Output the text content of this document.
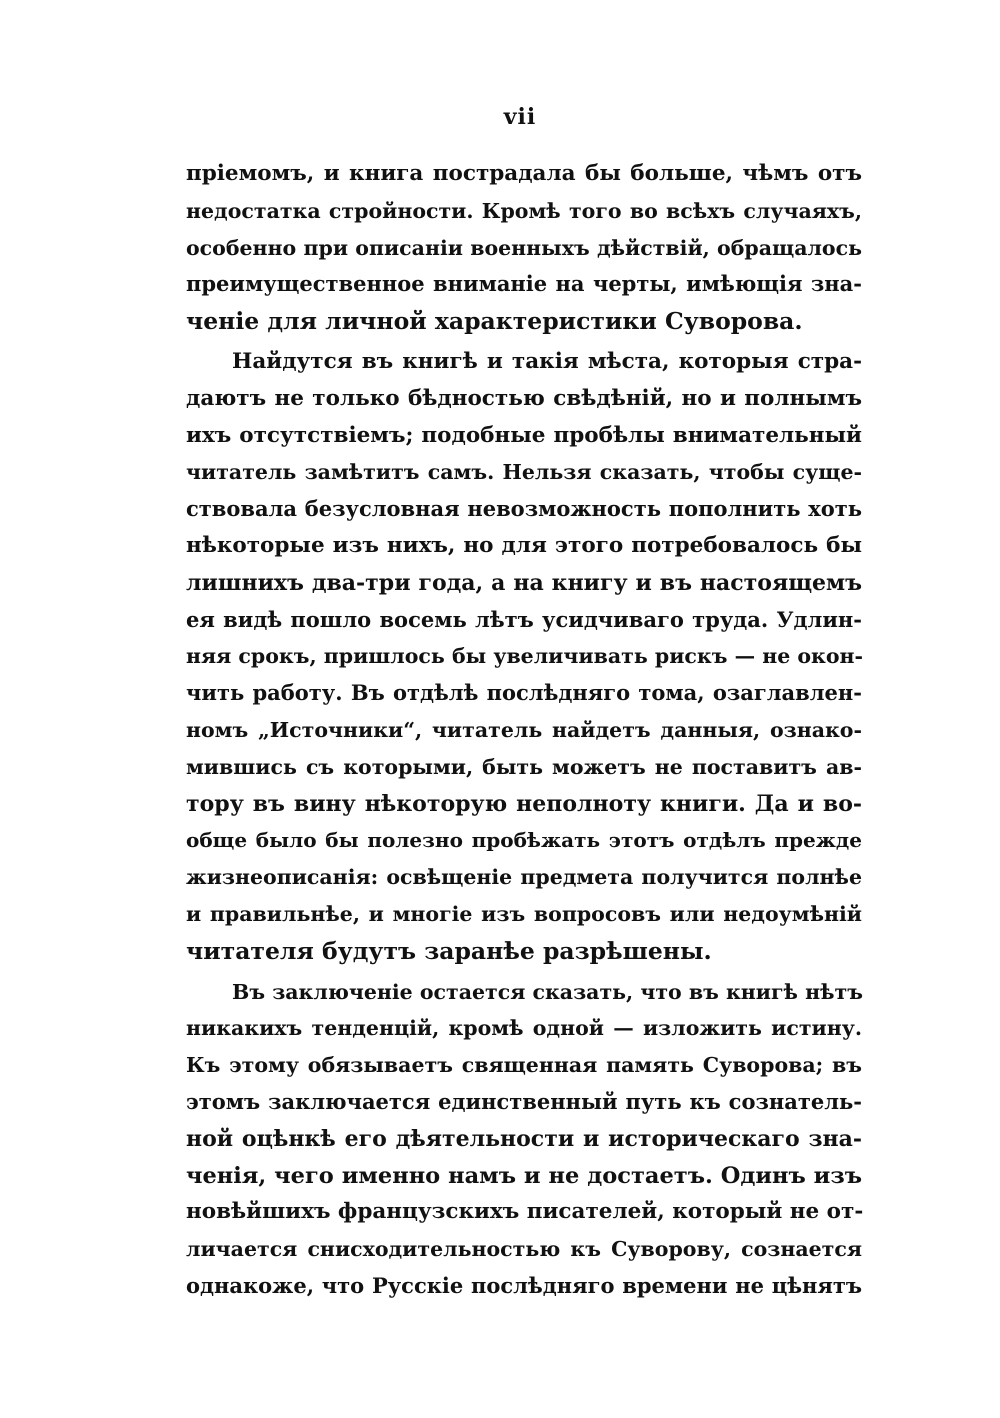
vii
пріемомъ, и книга пострадала бы больше, чѣмъ отъ
недостатка стройности. Кромѣ того во всѣхъ случаяхъ,
особенно при описаніи военныхъ дѣйствій, обращалось
преимущественное вниманіе на черты, имѣющія зна-
ченіе для личной характеристики Суворова.
Найдутся въ книгѣ и такія мѣста, которыя стра-
даютъ не только бѣдностью свѣдѣній, но и полнымъ
ихъ отсутствіемъ; подобные пробѣлы внимательный
читатель замѣтитъ самъ. Нельзя сказать, чтобы суще-
ствовала безусловная невозможность пополнить хоть
нѣкоторые изъ нихъ, но для этого потребовалось бы
лишнихъ два-три года, а на книгу и въ настоящемъ
ея видѣ пошло восемь лѣтъ усидчиваго труда. Удлин-
няя срокъ, пришлось бы увеличивать рискъ — не окон-
чить работу. Въ отдѣлѣ послѣдняго тома, озаглавлен-
номъ „Источники“, читатель найдетъ данныя, ознако-
мившись съ которыми, быть можетъ не поставитъ ав-
тору въ вину нѣкоторую неполноту книги. Да и во-
обще было бы полезно пробѣжать этотъ отдѣлъ прежде
жизнеописанія: освѣщеніе предмета получится полнѣе
и правильнѣе, и многіе изъ вопросовъ или недоумѣній
читателя будутъ заранѣе разрѣшены.
Въ заключеніе остается сказать, что въ книгѣ нѣтъ
никакихъ тенденцій, кромѣ одной — изложить истину.
Къ этому обязываетъ священная память Суворова; въ
этомъ заключается единственный путь къ сознатель-
ной оцѣнкѣ его дѣятельности и историческаго зна-
ченія, чего именно намъ и не достаетъ. Одинъ изъ
новѣйшихъ французскихъ писателей, который не от-
личается снисходительностью къ Суворову, сознается
однакоже, что Русскіе послѣдняго времени не цѣнятъ
